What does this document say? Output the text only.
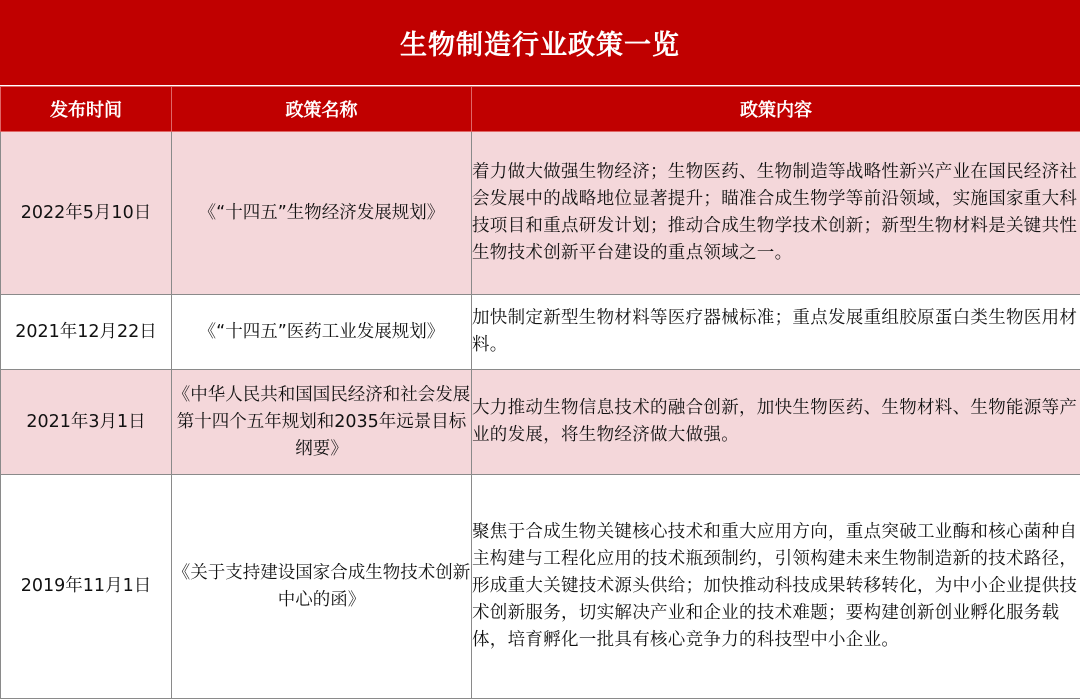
生物制造行业政策一览
发布时间	政策名称	政策内容
2022年5月10日	《“十四五”生物经济发展规划》	着力做大做强生物经济；生物医药、生物制造等战略性新兴产业在国民经济社会发展中的战略地位显著提升；瞄准合成生物学等前沿领域，实施国家重大科技项目和重点研发计划；推动合成生物学技术创新；新型生物材料是关键共性生物技术创新平台建设的重点领域之一。
2021年12月22日	《“十四五”医药工业发展规划》	加快制定新型生物材料等医疗器械标准；重点发展重组胶原蛋白类生物医用材料。
2021年3月1日	《中华人民共和国国民经济和社会发展第十四个五年规划和2035年远景目标纲要》	大力推动生物信息技术的融合创新，加快生物医药、生物材料、生物能源等产业的发展，将生物经济做大做强。
2019年11月1日	《关于支持建设国家合成生物技术创新中心的函》	聚焦于合成生物关键核心技术和重大应用方向，重点突破工业酶和核心菌种自主构建与工程化应用的技术瓶颈制约，引领构建未来生物制造新的技术路径，形成重大关键技术源头供给；加快推动科技成果转移转化，为中小企业提供技术创新服务，切实解决产业和企业的技术难题；要构建创新创业孵化服务载体，培育孵化一批具有核心竞争力的科技型中小企业。
